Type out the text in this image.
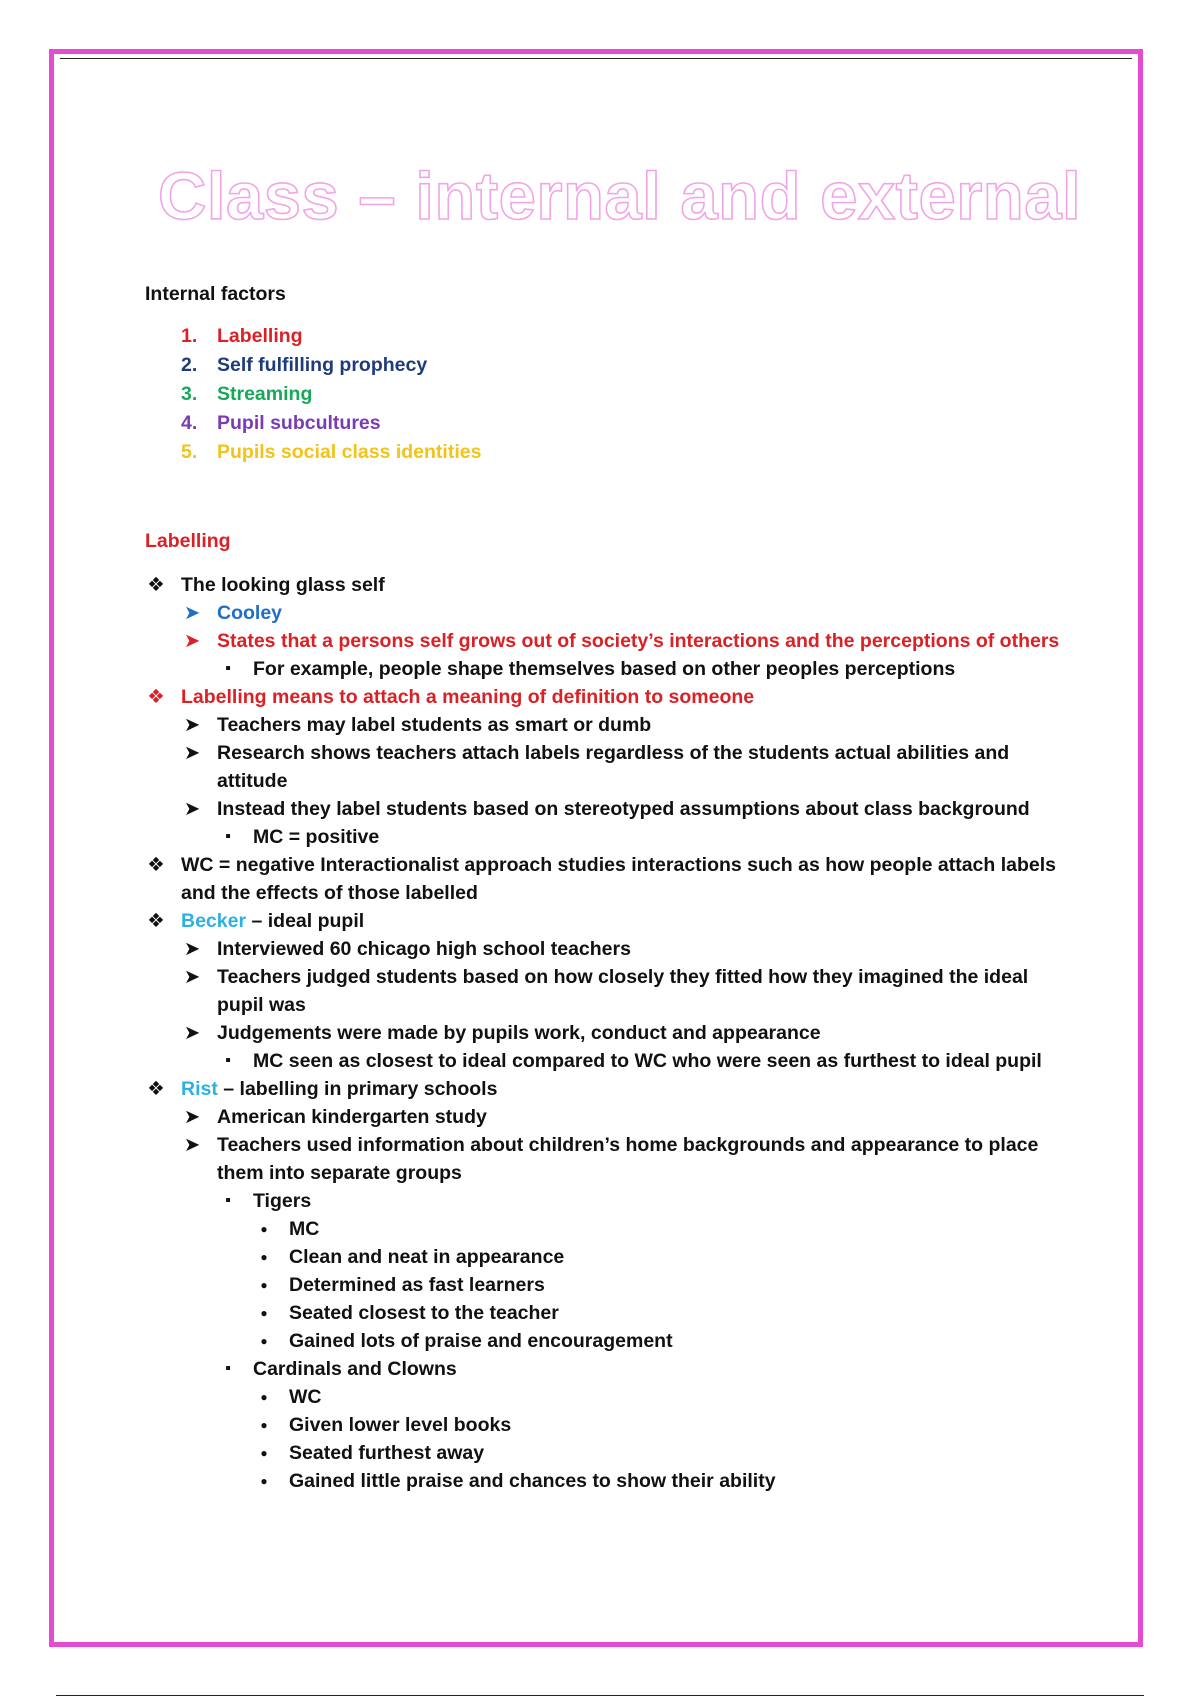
Class – internal and external

Internal factors

1. Labelling
2. Self fulfilling prophecy
3. Streaming
4. Pupil subcultures
5. Pupils social class identities

Labelling

❖ The looking glass self
➤ Cooley
➤ States that a persons self grows out of society’s interactions and the perceptions of others
▪	For example, people shape themselves based on other peoples perceptions
❖ Labelling means to attach a meaning of definition to someone
➤ Teachers may label students as smart or dumb
➤ Research shows teachers attach labels regardless of the students actual abilities and attitude
➤ Instead they label students based on stereotyped assumptions about class background
▪	MC = positive
❖ WC = negative Interactionalist approach studies interactions such as how people attach labels and the effects of those labelled
❖ Becker – ideal pupil
➤ Interviewed 60 chicago high school teachers
➤ Teachers judged students based on how closely they fitted how they imagined the ideal pupil was
➤ Judgements were made by pupils work, conduct and appearance
▪	MC seen as closest to ideal compared to WC who were seen as furthest to ideal pupil
❖ Rist – labelling in primary schools
➤ American kindergarten study
➤ Teachers used information about children’s home backgrounds and appearance to place them into separate groups
▪	Tigers
●	MC
●	Clean and neat in appearance
●	Determined as fast learners
●	Seated closest to the teacher
●	Gained lots of praise and encouragement
▪	Cardinals and Clowns
●	WC
●	Given lower level books
●	Seated furthest away
●	Gained little praise and chances to show their ability
